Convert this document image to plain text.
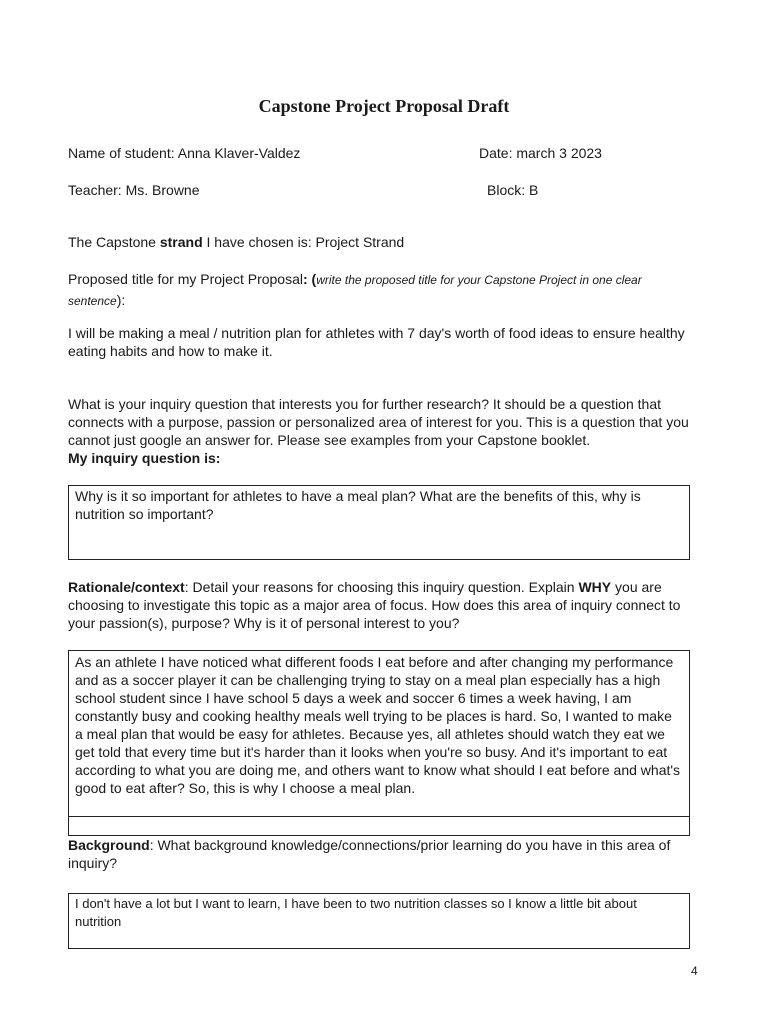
Capstone Project Proposal Draft
Name of student: Anna Klaver-Valdez	Date: march 3 2023
Teacher: Ms. Browne	Block: B
The Capstone strand I have chosen is: Project Strand
Proposed title for my Project Proposal: (write the proposed title for your Capstone Project in one clear sentence):
I will be making a meal / nutrition plan for athletes with 7 day's worth of food ideas to ensure healthy eating habits and how to make it.
What is your inquiry question that interests you for further research? It should be a question that connects with a purpose, passion or personalized area of interest for you. This is a question that you cannot just google an answer for. Please see examples from your Capstone booklet.
My inquiry question is:

Why is it so important for athletes to have a meal plan? What are the benefits of this, why is nutrition so important?

Rationale/context: Detail your reasons for choosing this inquiry question. Explain WHY you are choosing to investigate this topic as a major area of focus. How does this area of inquiry connect to your passion(s), purpose? Why is it of personal interest to you?

As an athlete I have noticed what different foods I eat before and after changing my performance and as a soccer player it can be challenging trying to stay on a meal plan especially has a high school student since I have school 5 days a week and soccer 6 times a week having, I am constantly busy and cooking healthy meals well trying to be places is hard. So, I wanted to make a meal plan that would be easy for athletes. Because yes, all athletes should watch they eat we get told that every time but it's harder than it looks when you're so busy. And it's important to eat according to what you are doing me, and others want to know what should I eat before and what's good to eat after? So, this is why I choose a meal plan.

Background: What background knowledge/connections/prior learning do you have in this area of inquiry?

I don't have a lot but I want to learn, I have been to two nutrition classes so I know a little bit about nutrition

4
